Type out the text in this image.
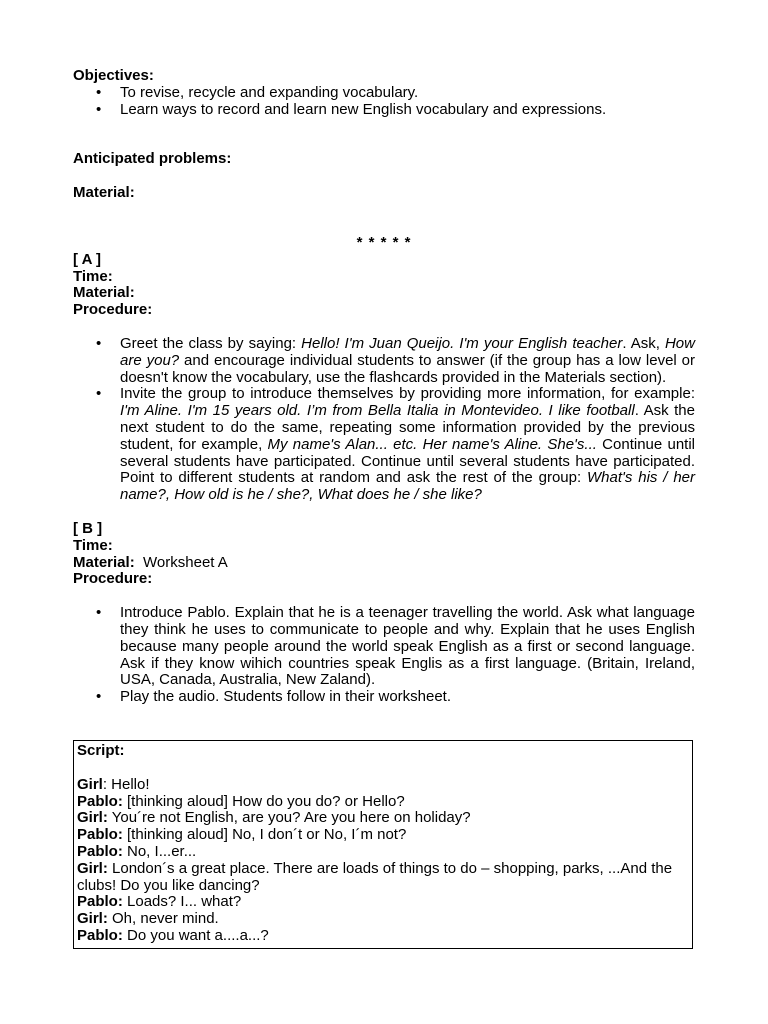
Objectives:
• To revise, recycle and expanding vocabulary.
• Learn ways to record and learn new English vocabulary and expressions.
Anticipated problems:
Material:
* * * * *
[ A ]
Time:
Material:
Procedure:
• Greet the class by saying: Hello! I'm Juan Queijo. I'm your English teacher. Ask, How are you? and encourage individual students to answer (if the group has a low level or doesn't know the vocabulary, use the flashcards provided in the Materials section).
• Invite the group to introduce themselves by providing more information, for example: I'm Aline. I'm 15 years old. I’m from Bella Italia in Montevideo. I like football. Ask the next student to do the same, repeating some information provided by the previous student, for example, My name's Alan... etc. Her name's Aline. She's... Continue until several students have participated. Continue until several students have participated. Point to different students at random and ask the rest of the group: What's his / her name?, How old is he / she?, What does he / she like?
[ B ]
Time:
Material: Worksheet A
Procedure:
• Introduce Pablo. Explain that he is a teenager travelling the world. Ask what language they think he uses to communicate to people and why. Explain that he uses English because many people around the world speak English as a first or second language. Ask if they know wihich countries speak Englis as a first language. (Britain, Ireland, USA, Canada, Australia, New Zaland).
• Play the audio. Students follow in their worksheet.
Script:
Girl: Hello!
Pablo: [thinking aloud] How do you do? or Hello?
Girl: You´re not English, are you? Are you here on holiday?
Pablo: [thinking aloud] No, I don´t or No, I´m not?
Pablo: No, I...er...
Girl: London´s a great place. There are loads of things to do – shopping, parks, ...And the clubs! Do you like dancing?
Pablo: Loads? I... what?
Girl: Oh, never mind.
Pablo: Do you want a....a...?
